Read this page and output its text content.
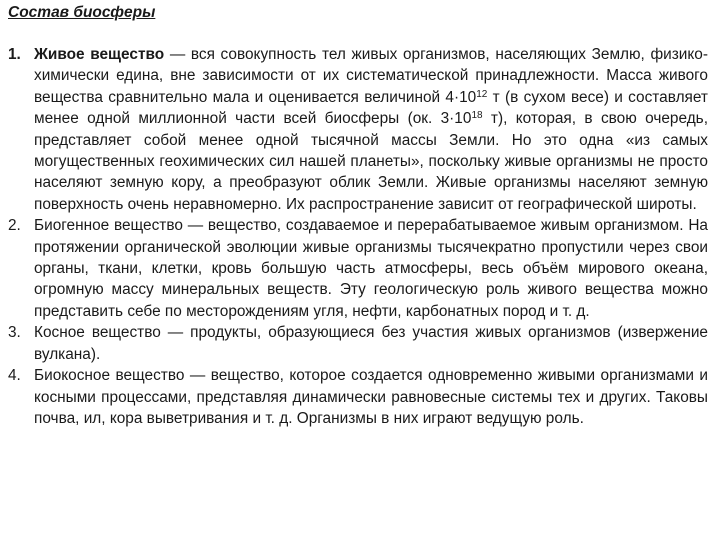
Состав биосферы
1. Живое вещество — вся совокупность тел живых организмов, населяющих Землю, физико-химически едина, вне зависимости от их систематической принадлежности. Масса живого вещества сравнительно мала и оценивается величиной $4\cdot 10^{12}$ т (в сухом весе) и составляет менее одной миллионной части всей биосферы (ок. $3\cdot 10^{18}$ т), которая, в свою очередь, представляет собой менее одной тысячной массы Земли. Но это одна «из самых могущественных геохимических сил нашей планеты», поскольку живые организмы не просто населяют земную кору, а преобразуют облик Земли. Живые организмы населяют земную поверхность очень неравномерно. Их распространение зависит от географической широты.
2. Биогенное вещество — вещество, создаваемое и перерабатываемое живым организмом. На протяжении органической эволюции живые организмы тысячекратно пропустили через свои органы, ткани, клетки, кровь большую часть атмосферы, весь объём мирового океана, огромную массу минеральных веществ. Эту геологическую роль живого вещества можно представить себе по месторождениям угля, нефти, карбонатных пород и т. д.
3. Косное вещество — продукты, образующиеся без участия живых организмов (извержение вулкана).
4. Биокосное вещество — вещество, которое создается одновременно живыми организмами и косными процессами, представляя динамически равновесные системы тех и других. Таковы почва, ил, кора выветривания и т. д. Организмы в них играют ведущую роль.
